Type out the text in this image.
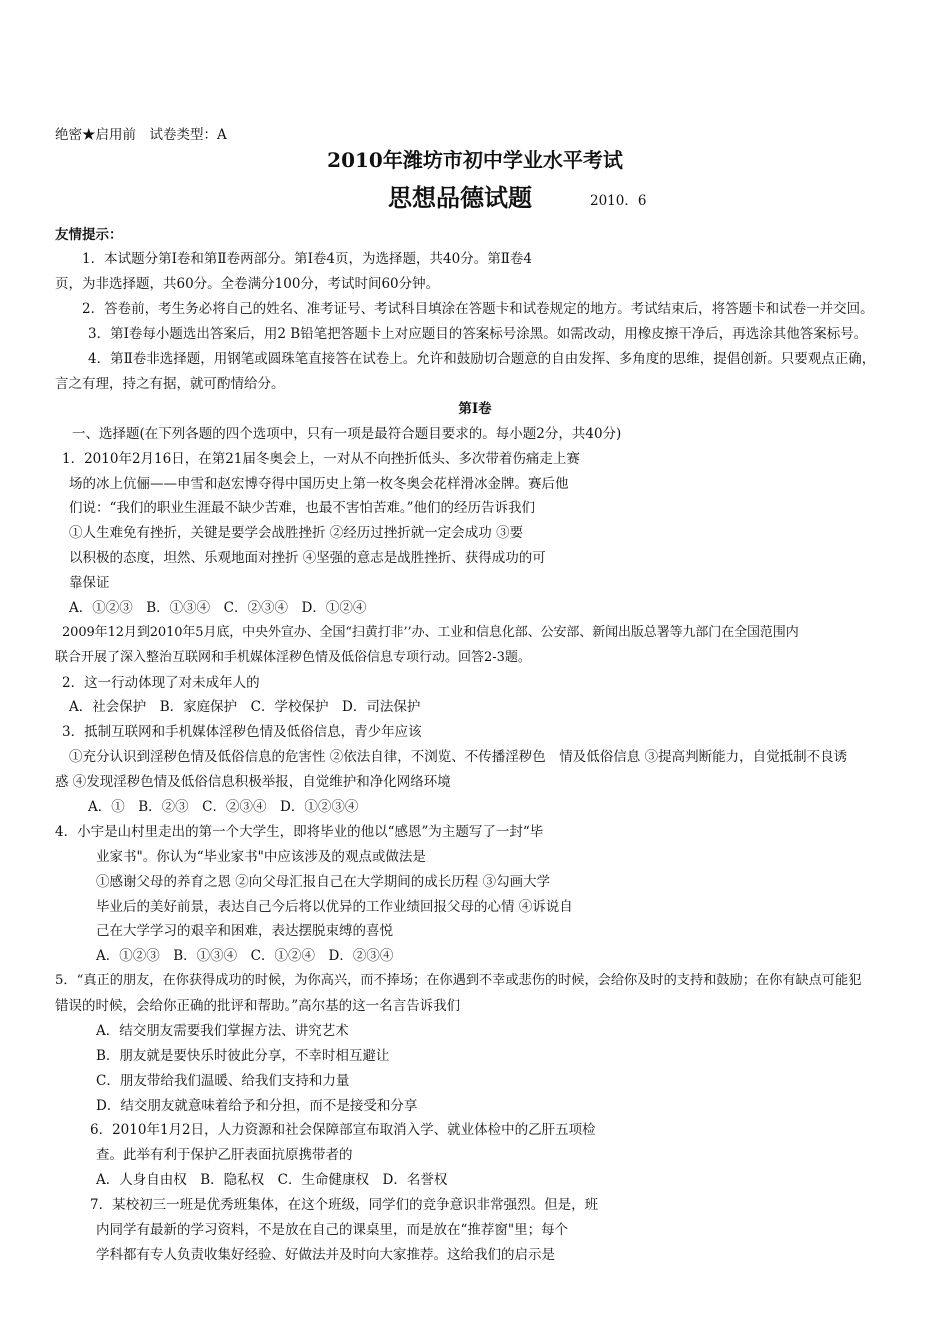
绝密★启用前　试卷类型：A
2010年潍坊市初中学业水平考试
思想品德试题	2010．6
友情提示：
1．本试题分第Ⅰ卷和第Ⅱ卷两部分。第Ⅰ卷4页，为选择题，共40分。第Ⅱ卷4
页，为非选择题，共60分。全卷满分100分，考试时间60分钟。
2．答卷前，考生务必将自己的姓名、准考证号、考试科目填涂在答题卡和试卷规定的地方。考试结束后，将答题卡和试卷一并交回。
3．第Ⅰ卷每小题选出答案后，用2 B铅笔把答题卡上对应题目的答案标号涂黑。如需改动，用橡皮擦干净后，再选涂其他答案标号。
4．第Ⅱ卷非选择题，用钢笔或圆珠笔直接答在试卷上。允许和鼓励切合题意的自由发挥、多角度的思维，提倡创新。只要观点正确，
言之有理，持之有据，就可酌情给分。
第Ⅰ卷
一、选择题(在下列各题的四个选项中，只有一项是最符合题目要求的。每小题2分，共40分)
1．2010年2月16日，在第21届冬奥会上，一对从不向挫折低头、多次带着伤痛走上赛
场的冰上伉俪——申雪和赵宏博夺得中国历史上第一枚冬奥会花样滑冰金牌。赛后他
们说：“我们的职业生涯最不缺少苦难，也最不害怕苦难。”他们的经历告诉我们
①人生难免有挫折，关键是要学会战胜挫折 ②经历过挫折就一定会成功 ③要
以积极的态度，坦然、乐观地面对挫折 ④坚强的意志是战胜挫折、获得成功的可
靠保证
A．①②③　B．①③④　C．②③④　D．①②④
2009年12月到2010年5月底，中央外宣办、全国“扫黄打非’’办、工业和信息化部、公安部、新闻出版总署等九部门在全国范围内
联合开展了深入整治互联网和手机媒体淫秽色情及低俗信息专项行动。回答2-3题。
2．这一行动体现了对未成年人的
A．社会保护　B．家庭保护　C．学校保护　D．司法保护
3．抵制互联网和手机媒体淫秽色情及低俗信息，青少年应该
①充分认识到淫秽色情及低俗信息的危害性 ②依法自律，不浏览、不传播淫秽色　情及低俗信息 ③提高判断能力，自觉抵制不良诱
惑 ④发现淫秽色情及低俗信息积极举报，自觉维护和净化网络环境
A．①　B．②③　C．②③④　D．①②③④
4．小宇是山村里走出的第一个大学生，即将毕业的他以“感恩”为主题写了一封“毕
业家书"。你认为“毕业家书"中应该涉及的观点或做法是
①感谢父母的养育之恩 ②向父母汇报自己在大学期间的成长历程 ③勾画大学
毕业后的美好前景，表达自己今后将以优异的工作业绩回报父母的心情 ④诉说自
己在大学学习的艰辛和困难，表达摆脱束缚的喜悦
A．①②③　B．①③④　C．①②④　D．②③④
5．“真正的朋友，在你获得成功的时候，为你高兴，而不捧场；在你遇到不幸或悲伤的时候，会给你及时的支持和鼓励；在你有缺点可能犯
错误的时候，会给你正确的批评和帮助。”高尔基的这一名言告诉我们
A．结交朋友需要我们掌握方法、讲究艺术
B．朋友就是要快乐时彼此分享，不幸时相互避让
C．朋友带给我们温暖、给我们支持和力量
D．结交朋友就意味着给予和分担，而不是接受和分享
6．2010年1月2日，人力资源和社会保障部宣布取消入学、就业体检中的乙肝五项检
查。此举有利于保护乙肝表面抗原携带者的
A．人身自由权　B．隐私权　C．生命健康权　D．名誉权
7．某校初三一班是优秀班集体，在这个班级，同学们的竞争意识非常强烈。但是，班
内同学有最新的学习资料，不是放在自己的课桌里，而是放在“推荐窗"里；每个
学科都有专人负责收集好经验、好做法并及时向大家推荐。这给我们的启示是
